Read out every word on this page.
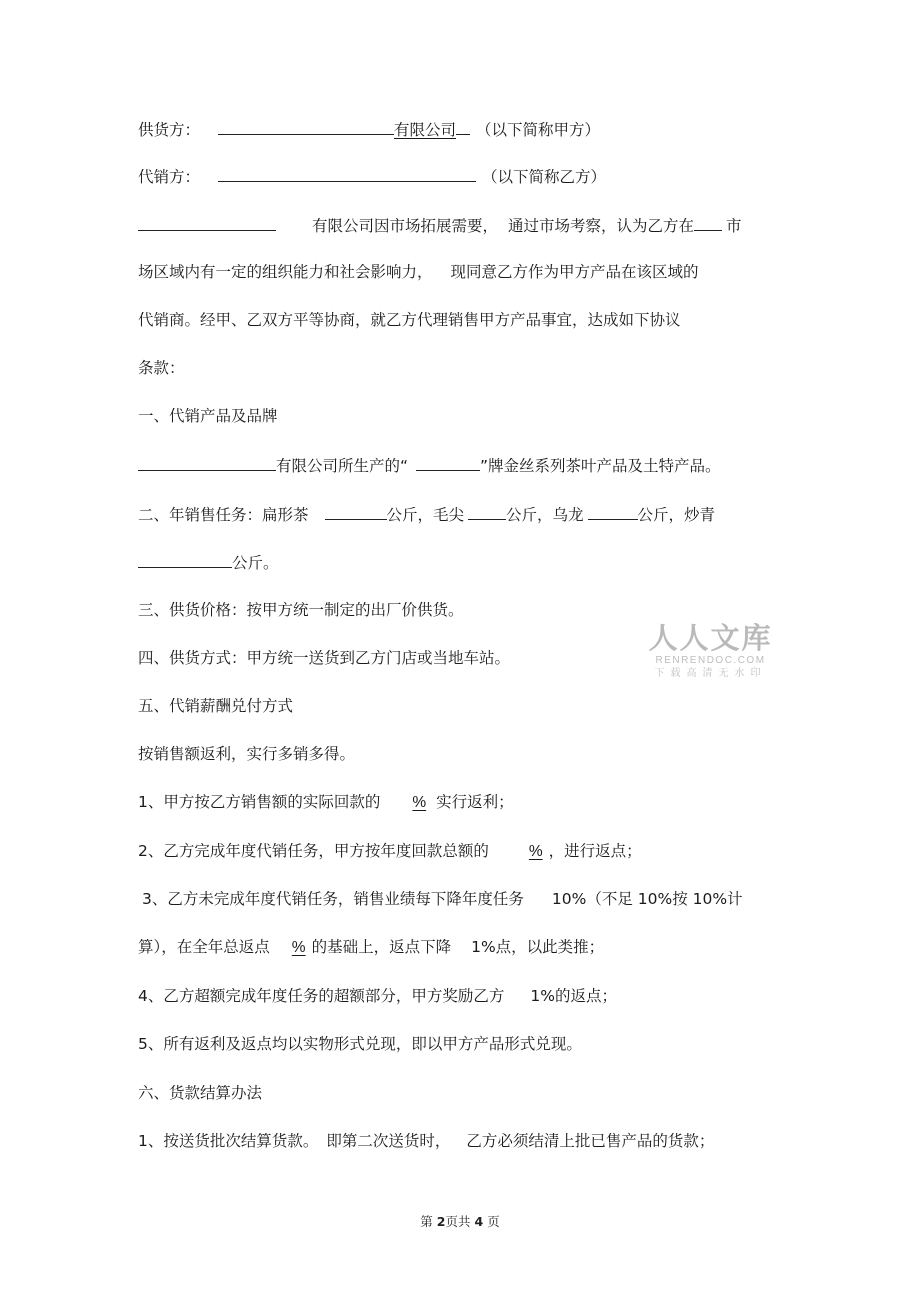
供货方：	有限公司 （以下简称甲方）
代销方：	（以下简称乙方）
有限公司因市场拓展需要， 通过市场考察，认为乙方在 市
场区域内有一定的组织能力和社会影响力， 现同意乙方作为甲方产品在该区域的
代销商。经甲、乙双方平等协商，就乙方代理销售甲方产品事宜，达成如下协议
条款：
一、代销产品及品牌
有限公司所生产的“	”牌金丝系列茶叶产品及土特产品。
二、年销售任务：扁形茶	公斤，毛尖	公斤，乌龙	公斤，炒青
公斤。
三、供货价格：按甲方统一制定的出厂价供货。
四、供货方式：甲方统一送货到乙方门店或当地车站。
人人文库
RENRENDOC.COM
下载高清无水印
五、代销薪酬兑付方式
按销售额返利，实行多销多得。
1、甲方按乙方销售额的实际回款的 % 实行返利；
2、乙方完成年度代销任务，甲方按年度回款总额的	% ，进行返点；
3、乙方未完成年度代销任务，销售业绩每下降年度任务 10%（不足 10%按 10%计
算），在全年总返点 % 的基础上，返点下降 1%点，以此类推；
4、乙方超额完成年度任务的超额部分，甲方奖励乙方 1%的返点；
5、所有返利及返点均以实物形式兑现，即以甲方产品形式兑现。
六、货款结算办法
1、按送货批次结算货款。 即第二次送货时， 乙方必须结清上批已售产品的货款；
第 2页共 4 页
